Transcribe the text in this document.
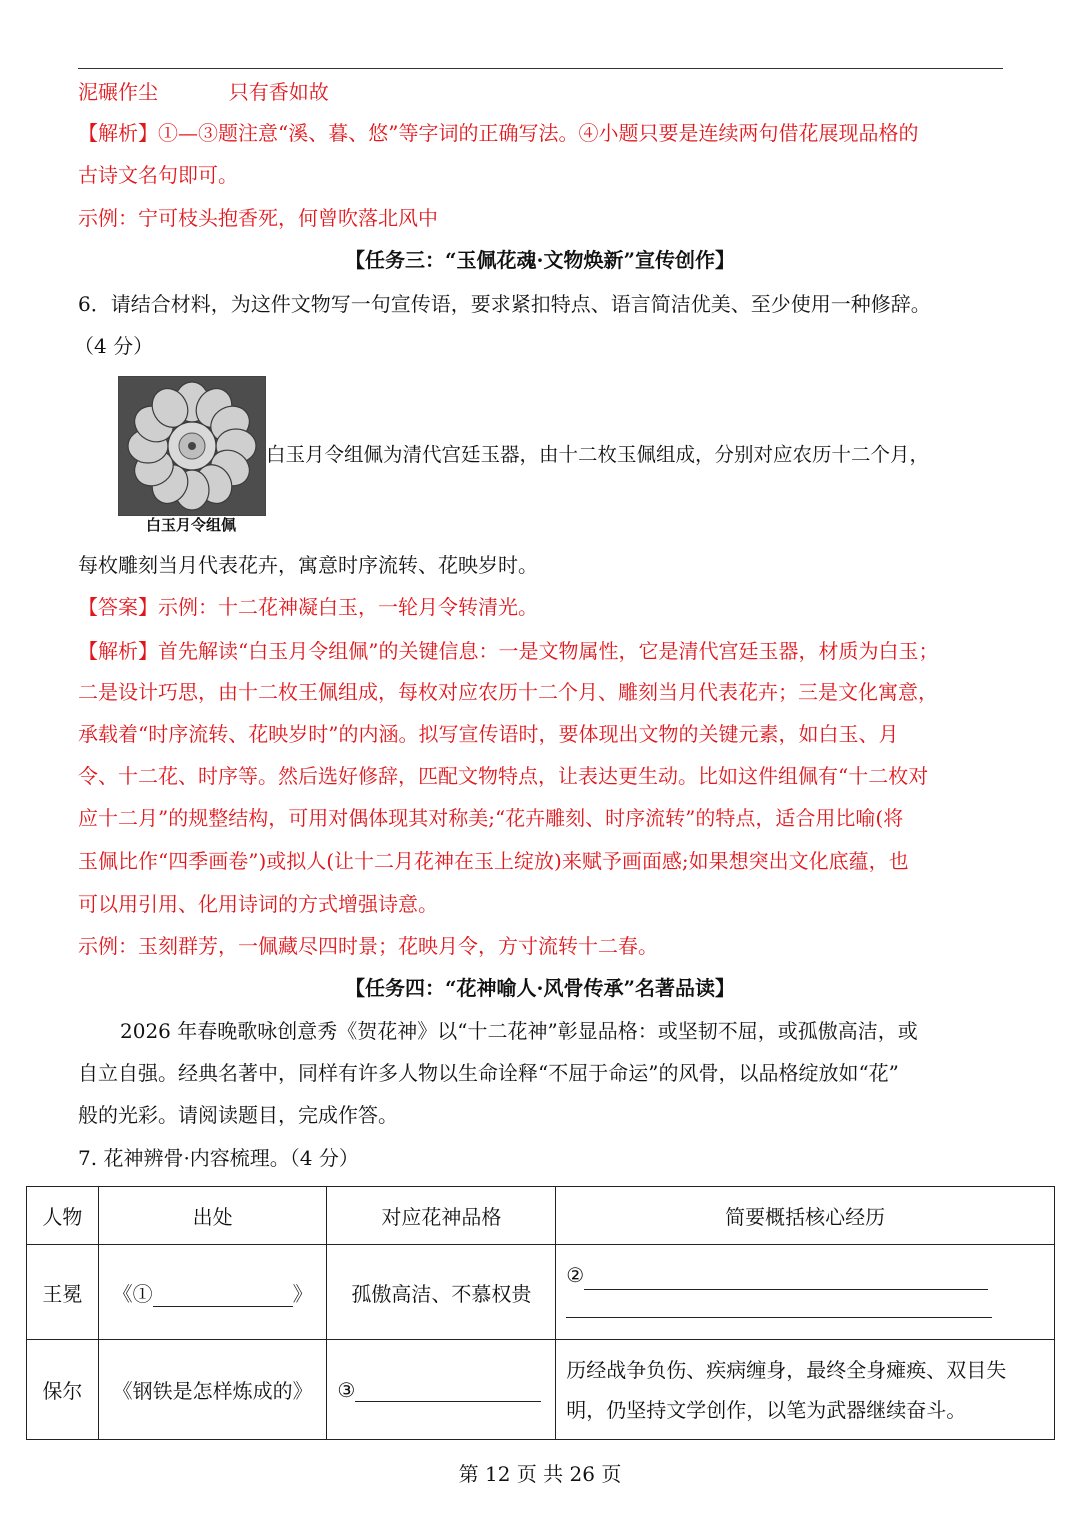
泥碾作尘	只有香如故
【解析】①—③题注意“溪、暮、悠”等字词的正确写法。④小题只要是连续两句借花展现品格的
古诗文名句即可。
示例：宁可枝头抱香死，何曾吹落北风中
【任务三：“玉佩花魂·文物焕新”宣传创作】
6．请结合材料，为这件文物写一句宣传语，要求紧扣特点、语言简洁优美、至少使用一种修辞。
（4 分）
白玉月令组佩
白玉月令组佩为清代宫廷玉器，由十二枚玉佩组成，分别对应农历十二个月，
每枚雕刻当月代表花卉，寓意时序流转、花映岁时。
【答案】示例：十二花神凝白玉，一轮月令转清光。
【解析】首先解读“白玉月令组佩”的关键信息：一是文物属性，它是清代宫廷玉器，材质为白玉；
二是设计巧思，由十二枚王佩组成，每枚对应农历十二个月、雕刻当月代表花卉；三是文化寓意，
承载着“时序流转、花映岁时”的内涵。拟写宣传语时，要体现出文物的关键元素，如白玉、月
令、十二花、时序等。然后选好修辞，匹配文物特点，让表达更生动。比如这件组佩有“十二枚对
应十二月”的规整结构，可用对偶体现其对称美;“花卉雕刻、时序流转”的特点，适合用比喻(将
玉佩比作“四季画卷”)或拟人(让十二月花神在玉上绽放)来赋予画面感;如果想突出文化底蕴，也
可以用引用、化用诗词的方式增强诗意。
示例：玉刻群芳，一佩藏尽四时景；花映月令，方寸流转十二春。
【任务四：“花神喻人·风骨传承”名著品读】
2026 年春晚歌咏创意秀《贺花神》以“十二花神”彰显品格：或坚韧不屈，或孤傲高洁，或
自立自强。经典名著中，同样有许多人物以生命诠释“不屈于命运”的风骨，以品格绽放如“花”
般的光彩。请阅读题目，完成作答。
7. 花神辨骨·内容梳理。（4 分）
人物	出处	对应花神品格	简要概括核心经历
王冕	《① 》	孤傲高洁、不慕权贵	②

保尔	《钢铁是怎样炼成的》	③	历经战争负伤、疾病缠身，最终全身瘫痪、双目失
明，仍坚持文学创作，以笔为武器继续奋斗。
第 12 页 共 26 页
